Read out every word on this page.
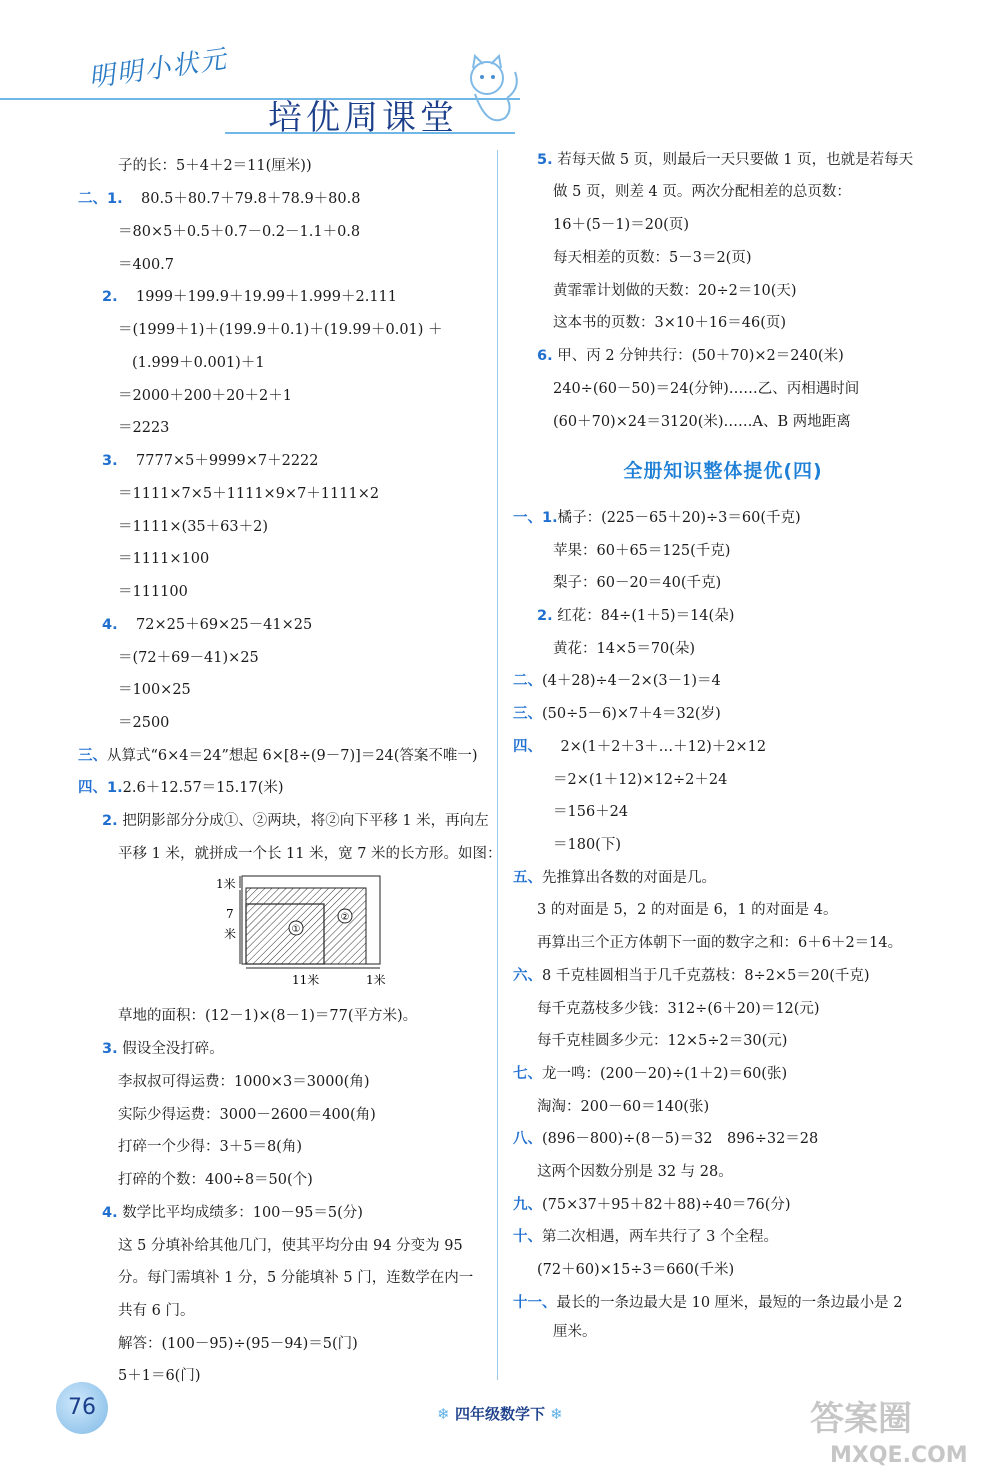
明明小状元
培优周课堂
子的长：5＋4＋2＝11(厘米))
二、1. 80.5＋80.7＋79.8＋78.9＋80.8
＝80×5＋0.5＋0.7－0.2－1.1＋0.8
＝400.7
2. 1999＋199.9＋19.99＋1.999＋2.111
＝(1999＋1)＋(199.9＋0.1)＋(19.99＋0.01) ＋
(1.999＋0.001)＋1
＝2000＋200＋20＋2＋1
＝2223
3. 7777×5＋9999×7＋2222
＝1111×7×5＋1111×9×7＋1111×2
＝1111×(35＋63＋2)
＝1111×100
＝111100
4. 72×25＋69×25－41×25
＝(72＋69－41)×25
＝100×25
＝2500
三、从算式“6×4＝24”想起 6×[8÷(9－7)]＝24(答案不唯一)
四、1.2.6＋12.57＝15.17(米)
2. 把阴影部分分成①、②两块，将②向下平移 1 米，再向左
平移 1 米，就拼成一个长 11 米，宽 7 米的长方形。如图：
草地的面积：(12－1)×(8－1)＝77(平方米)。
3. 假设全没打碎。
李叔叔可得运费：1000×3＝3000(角)
实际少得运费：3000－2600＝400(角)
打碎一个少得：3＋5＝8(角)
打碎的个数：400÷8＝50(个)
4. 数学比平均成绩多：100－95＝5(分)
这 5 分填补给其他几门，使其平均分由 94 分变为 95
分。每门需填补 1 分，5 分能填补 5 门，连数学在内一
共有 6 门。
解答：(100－95)÷(95－94)＝5(门)
5＋1＝6(门)
①
②
1米
7
米
11米	1米
5. 若每天做 5 页，则最后一天只要做 1 页，也就是若每天
做 5 页，则差 4 页。两次分配相差的总页数：
16＋(5－1)＝20(页)
每天相差的页数：5－3＝2(页)
黄霏霏计划做的天数：20÷2＝10(天)
这本书的页数：3×10＋16＝46(页)
6. 甲、丙 2 分钟共行：(50＋70)×2＝240(米)
240÷(60－50)＝24(分钟)……乙、丙相遇时间
(60＋70)×24＝3120(米)……A、B 两地距离
全册知识整体提优(四)
一、1.橘子：(225－65＋20)÷3＝60(千克)
苹果：60＋65＝125(千克)
梨子：60－20＝40(千克)
2. 红花：84÷(1＋5)＝14(朵)
黄花：14×5＝70(朵)
二、(4＋28)÷4－2×(3－1)＝4
三、(50÷5－6)×7＋4＝32(岁)
四、 2×(1＋2＋3＋…＋12)＋2×12
＝2×(1＋12)×12÷2＋24
＝156＋24
＝180(下)
五、先推算出各数的对面是几。
3 的对面是 5，2 的对面是 6，1 的对面是 4。
再算出三个正方体朝下一面的数字之和：6＋6＋2＝14。
六、8 千克桂圆相当于几千克荔枝：8÷2×5＝20(千克)
每千克荔枝多少钱：312÷(6＋20)＝12(元)
每千克桂圆多少元：12×5÷2＝30(元)
七、龙一鸣：(200－20)÷(1＋2)＝60(张)
淘淘：200－60＝140(张)
八、(896－800)÷(8－5)＝32　896÷32＝28
这两个因数分别是 32 与 28。
九、(75×37＋95＋82＋88)÷40＝76(分)
十、第二次相遇，两车共行了 3 个全程。
(72＋60)×15÷3＝660(千米)
十一、最长的一条边最大是 10 厘米，最短的一条边最小是 2
厘米。
76	❄ 四年级数学下 ❄	答案圈
MXQE.COM
